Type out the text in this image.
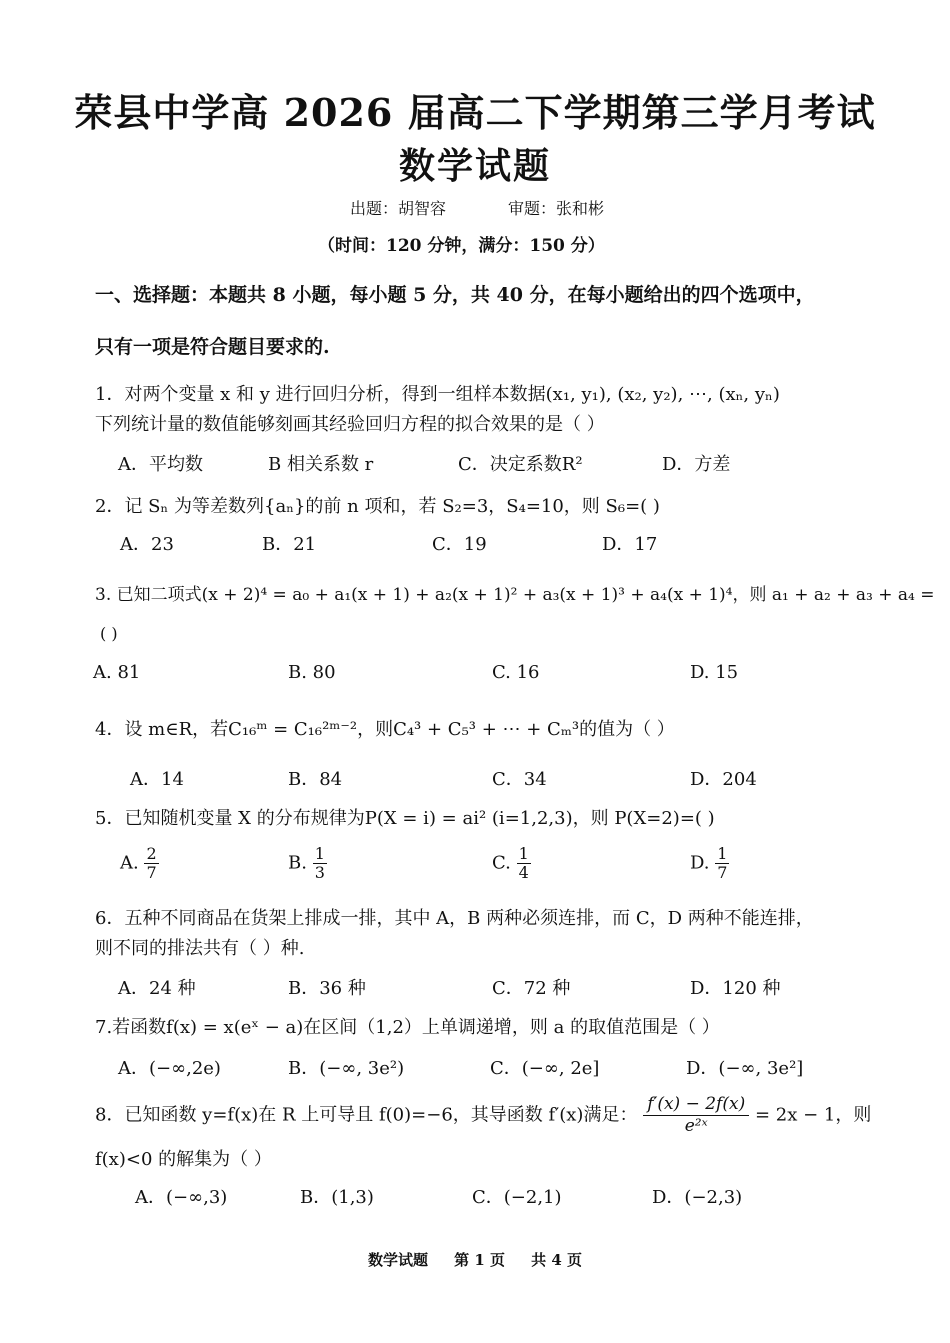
荣县中学高 2026 届高二下学期第三学月考试
数学试题
出题：胡智容	审题：张和彬
（时间：120 分钟，满分：150 分）
一、选择题：本题共 8 小题，每小题 5 分，共 40 分，在每小题给出的四个选项中，
只有一项是符合题目要求的.
1．对两个变量 x 和 y 进行回归分析，得到一组样本数据(x₁, y₁), (x₂, y₂), ⋯, (xₙ, yₙ)
下列统计量的数值能够刻画其经验回归方程的拟合效果的是（ ）
A．平均数	B 相关系数 r	C．决定系数R²	D．方差
2．记 Sₙ 为等差数列{aₙ}的前 n 项和，若 S₂=3，S₄=10，则 S₆=( )
A．23	B．21	C．19	D．17
3. 已知二项式(x + 2)⁴ = a₀ + a₁(x + 1) + a₂(x + 1)² + a₃(x + 1)³ + a₄(x + 1)⁴，则 a₁ + a₂ + a₃ + a₄ =
( )
A. 81	B. 80	C. 16	D. 15
4．设 m∈R，若C₁₆ᵐ = C₁₆²ᵐ⁻²，则C₄³ + C₅³ + ⋯ + Cₘ³的值为（ ）
A．14	B．84	C．34	D．204
5．已知随机变量 X 的分布规律为P(X = i) = ai² (i=1,2,3)，则 P(X=2)=( )
A. $\frac{2}{7}$	B. $\frac{1}{3}$	C. $\frac{1}{4}$	D. $\frac{1}{7}$
6．五种不同商品在货架上排成一排，其中 A，B 两种必须连排，而 C，D 两种不能连排，
则不同的排法共有（ ）种.
A．24 种	B．36 种	C．72 种	D．120 种
7.若函数f(x) = x(eˣ − a)在区间（1,2）上单调递增，则 a 的取值范围是（ ）
A．(−∞,2e)	B．(−∞, 3e²)	C．(−∞, 2e]	D．(−∞, 3e²]
8．已知函数 y=f(x)在 R 上可导且 f(0)=−6，其导函数 f′(x)满足： $\frac{f'(x) - 2f(x)}{\text{e²ˣ}} = 2x - 1$，则
f(x)<0 的解集为（ ）
A．(−∞,3)	B．(1,3)	C．(−2,1)	D．(−2,3)
数学试题 第 1 页 共 4 页
